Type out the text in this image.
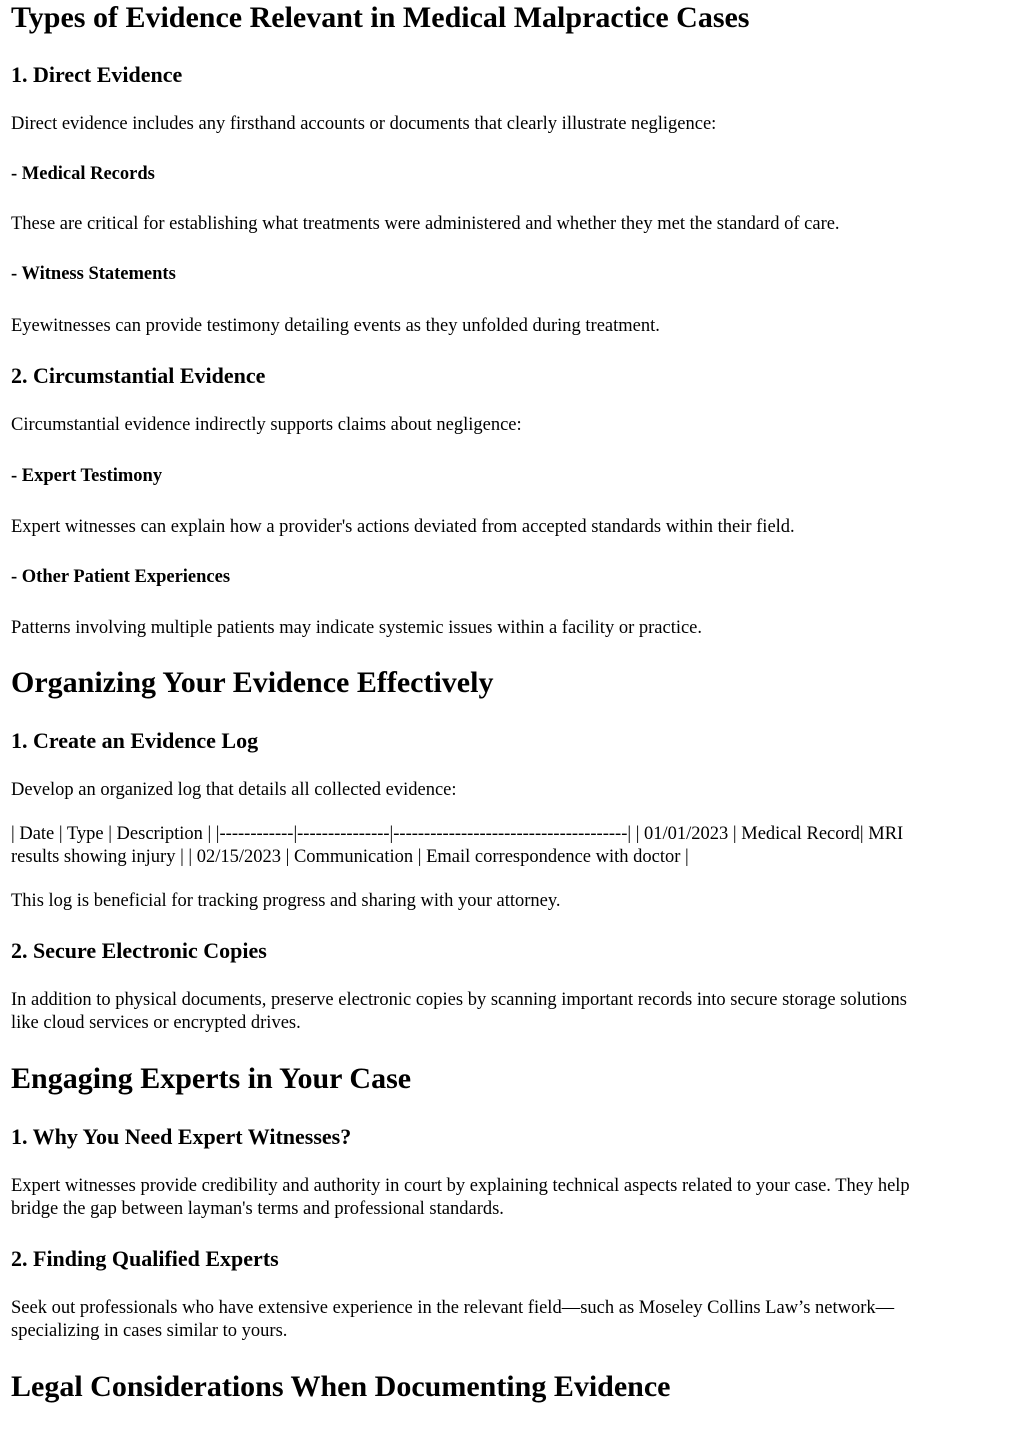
Types of Evidence Relevant in Medical Malpractice Cases
1. Direct Evidence

Direct evidence includes any firsthand accounts or documents that clearly illustrate negligence:

- Medical Records

These are critical for establishing what treatments were administered and whether they met the standard of care.

- Witness Statements

Eyewitnesses can provide testimony detailing events as they unfolded during treatment.

2. Circumstantial Evidence

Circumstantial evidence indirectly supports claims about negligence:

- Expert Testimony

Expert witnesses can explain how a provider's actions deviated from accepted standards within their field.

- Other Patient Experiences

Patterns involving multiple patients may indicate systemic issues within a facility or practice.

Organizing Your Evidence Effectively
1. Create an Evidence Log

Develop an organized log that details all collected evidence:

| Date | Type | Description | |------------|---------------|--------------------------------------| | 01/01/2023 | Medical Record| MRI

results showing injury | | 02/15/2023 | Communication | Email correspondence with doctor |

This log is beneficial for tracking progress and sharing with your attorney.

2. Secure Electronic Copies

In addition to physical documents, preserve electronic copies by scanning important records into secure storage solutions

like cloud services or encrypted drives.

Engaging Experts in Your Case
1. Why You Need Expert Witnesses?

Expert witnesses provide credibility and authority in court by explaining technical aspects related to your case. They help

bridge the gap between layman's terms and professional standards.

2. Finding Qualified Experts

Seek out professionals who have extensive experience in the relevant field—such as Moseley Collins Law’s network—

specializing in cases similar to yours.

Legal Considerations When Documenting Evidence
